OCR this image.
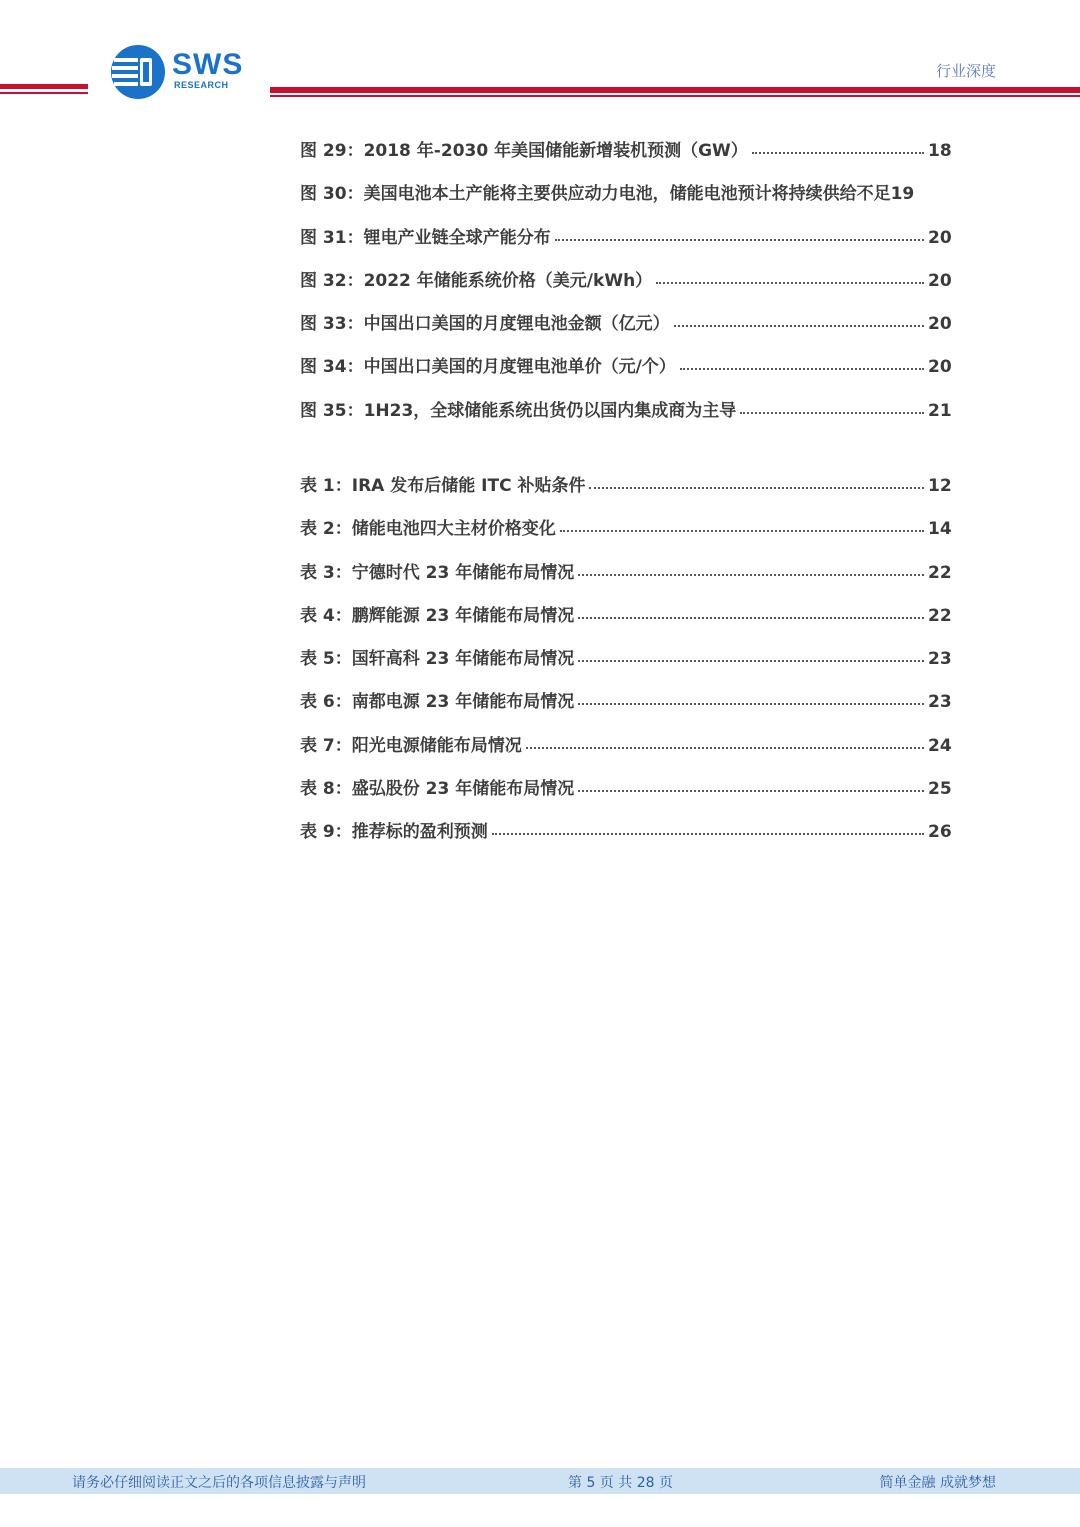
SWS
RESEARCH
行业深度
图 29：2018 年-2030 年美国储能新增装机预测（GW）	18
图 30：美国电池本土产能将主要供应动力电池，储能电池预计将持续供给不足 19
图 31：锂电产业链全球产能分布	20
图 32：2022 年储能系统价格（美元/kWh）	20
图 33：中国出口美国的月度锂电池金额（亿元）	20
图 34：中国出口美国的月度锂电池单价（元/个）	20
图 35：1H23，全球储能系统出货仍以国内集成商为主导	21
表 1：IRA 发布后储能 ITC 补贴条件	12
表 2：储能电池四大主材价格变化	14
表 3：宁德时代 23 年储能布局情况	22
表 4：鹏辉能源 23 年储能布局情况	22
表 5：国轩高科 23 年储能布局情况	23
表 6：南都电源 23 年储能布局情况	23
表 7：阳光电源储能布局情况	24
表 8：盛弘股份 23 年储能布局情况	25
表 9：推荐标的盈利预测	26
请务必仔细阅读正文之后的各项信息披露与声明	第 5 页 共 28 页	简单金融 成就梦想
